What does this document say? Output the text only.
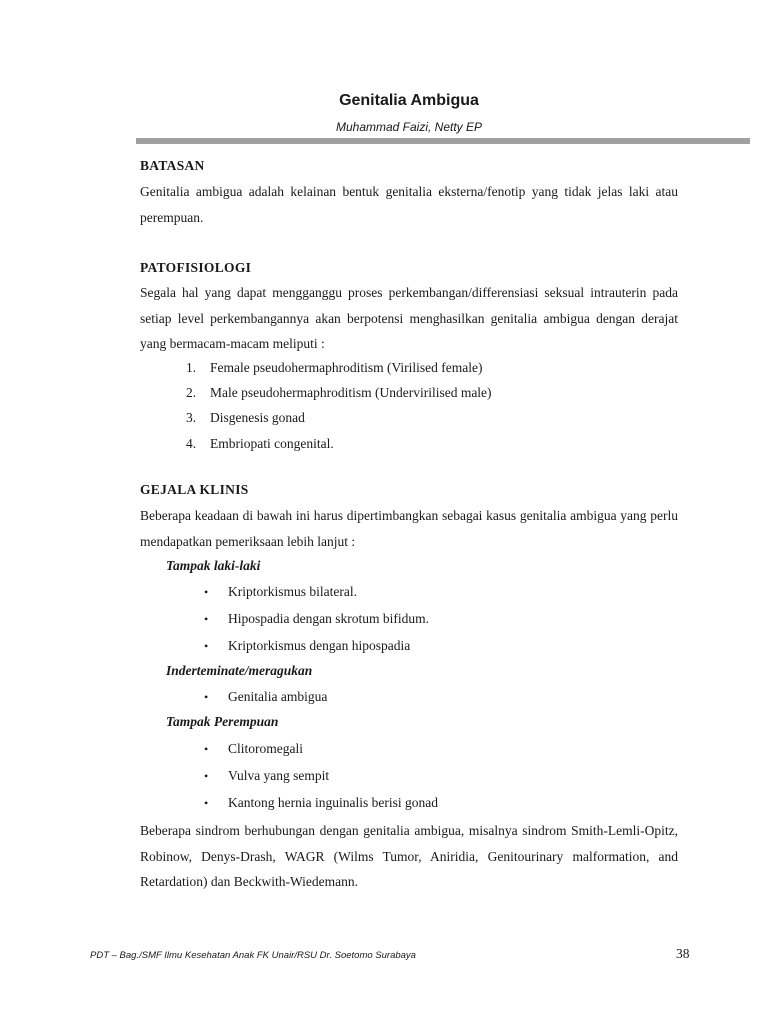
Genitalia Ambigua
Muhammad Faizi, Netty EP
BATASAN
Genitalia ambigua adalah kelainan bentuk genitalia eksterna/fenotip yang tidak jelas laki atau perempuan.
PATOFISIOLOGI
Segala hal yang dapat mengganggu proses perkembangan/differensiasi seksual intrauterin pada setiap level perkembangannya akan berpotensi menghasilkan genitalia ambigua dengan derajat yang bermacam-macam meliputi :
1. Female pseudohermaphroditism (Virilised female)
2. Male pseudohermaphroditism (Undervirilised male)
3. Disgenesis gonad
4. Embriopati congenital.
GEJALA KLINIS
Beberapa keadaan di bawah ini harus dipertimbangkan sebagai kasus genitalia ambigua yang perlu mendapatkan pemeriksaan lebih lanjut :
Tampak laki-laki
• Kriptorkismus bilateral.
• Hipospadia dengan skrotum bifidum.
• Kriptorkismus dengan hipospadia
Inderteminate/meragukan
• Genitalia ambigua
Tampak Perempuan
• Clitoromegali
• Vulva yang sempit
• Kantong hernia inguinalis berisi gonad
Beberapa sindrom berhubungan dengan genitalia ambigua, misalnya sindrom Smith-Lemli-Opitz, Robinow, Denys-Drash, WAGR (Wilms Tumor, Aniridia, Genitourinary malformation, and Retardation) dan Beckwith-Wiedemann.
PDT – Bag./SMF Ilmu Kesehatan Anak FK Unair/RSU Dr. Soetomo Surabaya	38
